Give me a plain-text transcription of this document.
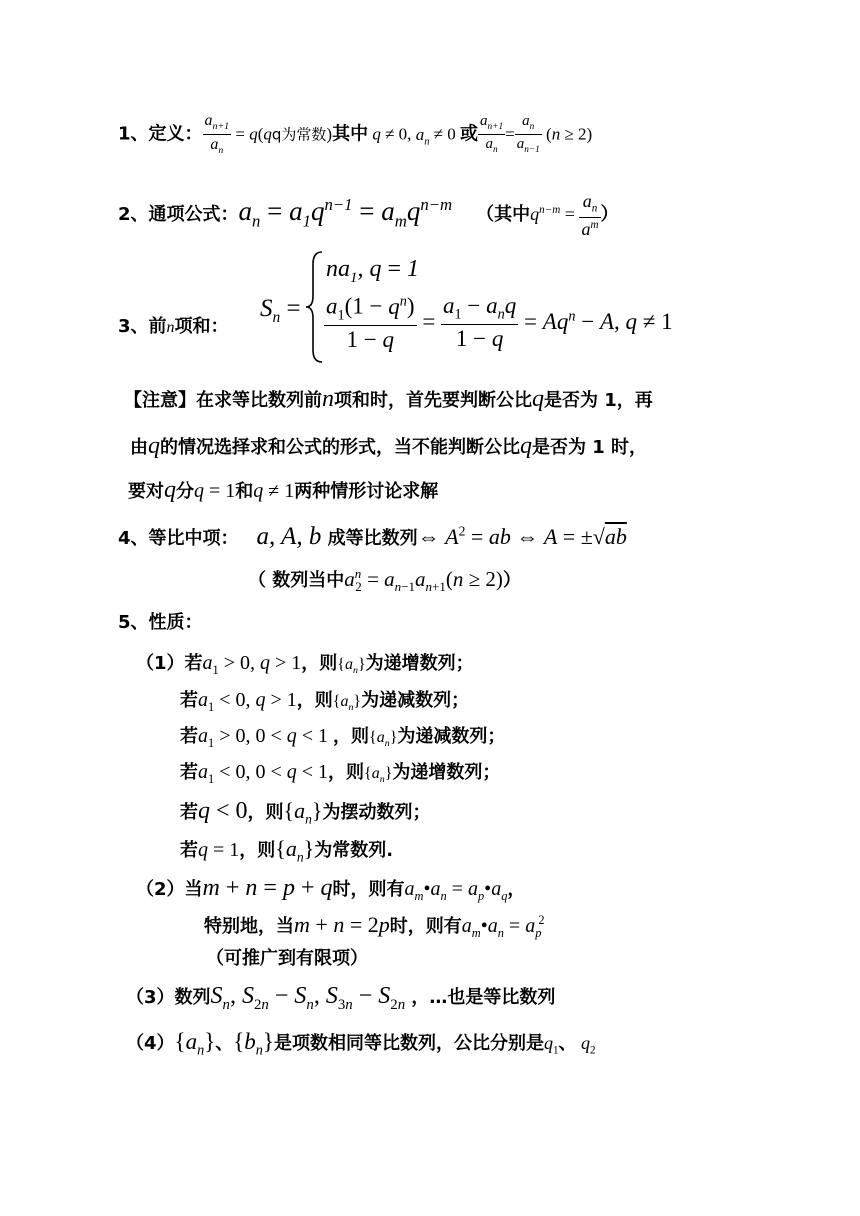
1、定义： $\frac{a_{n+1}}{a_n} = q(qq$为常数)其中 q ≠ 0, $a_n \ne 0$ 或 $\frac{a_{n+1}}{a_n} = \frac{a_n}{a_{n-1}} (n \ge 2)$
2、通项公式：$a_n = a_1q^{n-1} = a_mq^{n-m}$ （其中$q^{n-m} = \frac{a_n}{a^m}$ ）
3、前n项和：
$S_n$ =
$na_1$, q = 1
$\frac{a_1(1 - q^n)}{1 - q} = \frac{a_1 - a_nq}{1 - q} = Aq^n - A$, q ≠ 1
【注意】在求等比数列前n项和时，首先要判断公比q是否为 1，再
由q的情况选择求和公式的形式，当不能判断公比q是否为 1 时，
要对q分q = 1和q ≠ 1两种情形讨论求解
4、等比中项： a, A, b 成等比数列⇔ $A^2$ = ab ⇔ A = ±√ab
（ 数列当中$a^n_2 = a_{n-1}a_{n+1}(n \ge 2)$）
5、性质：
（1）若$a_1 > 0$, q > 1，则$\{a_n\}$为递增数列；
若$a_1 < 0$, q > 1，则$\{a_n\}$为递减数列；
若$a_1 > 0$, 0 < q < 1 ，则$\{a_n\}$为递减数列；
若$a_1 < 0$, 0 < q < 1，则$\{a_n\}$为递增数列；
若q < 0，则$\{a_n\}$为摆动数列；
若q = 1，则$\{a_n\}$为常数列.
（2）当m + n = p + q时，则有$a_m•a_n$ = $a_p•a_q$，
特别地，当m + n = 2p时，则有$a_m•a_n = a_p^2$
（可推广到有限项）
（3）数列$S_n$, $S_{2n} - S_n$, $S_{3n} - S_{2n}$ ，…也是等比数列
$(4)\{a_n\}$、$\{b_n\}$是项数相同等比数列，公比分别是$q_1$、 $q_2$
